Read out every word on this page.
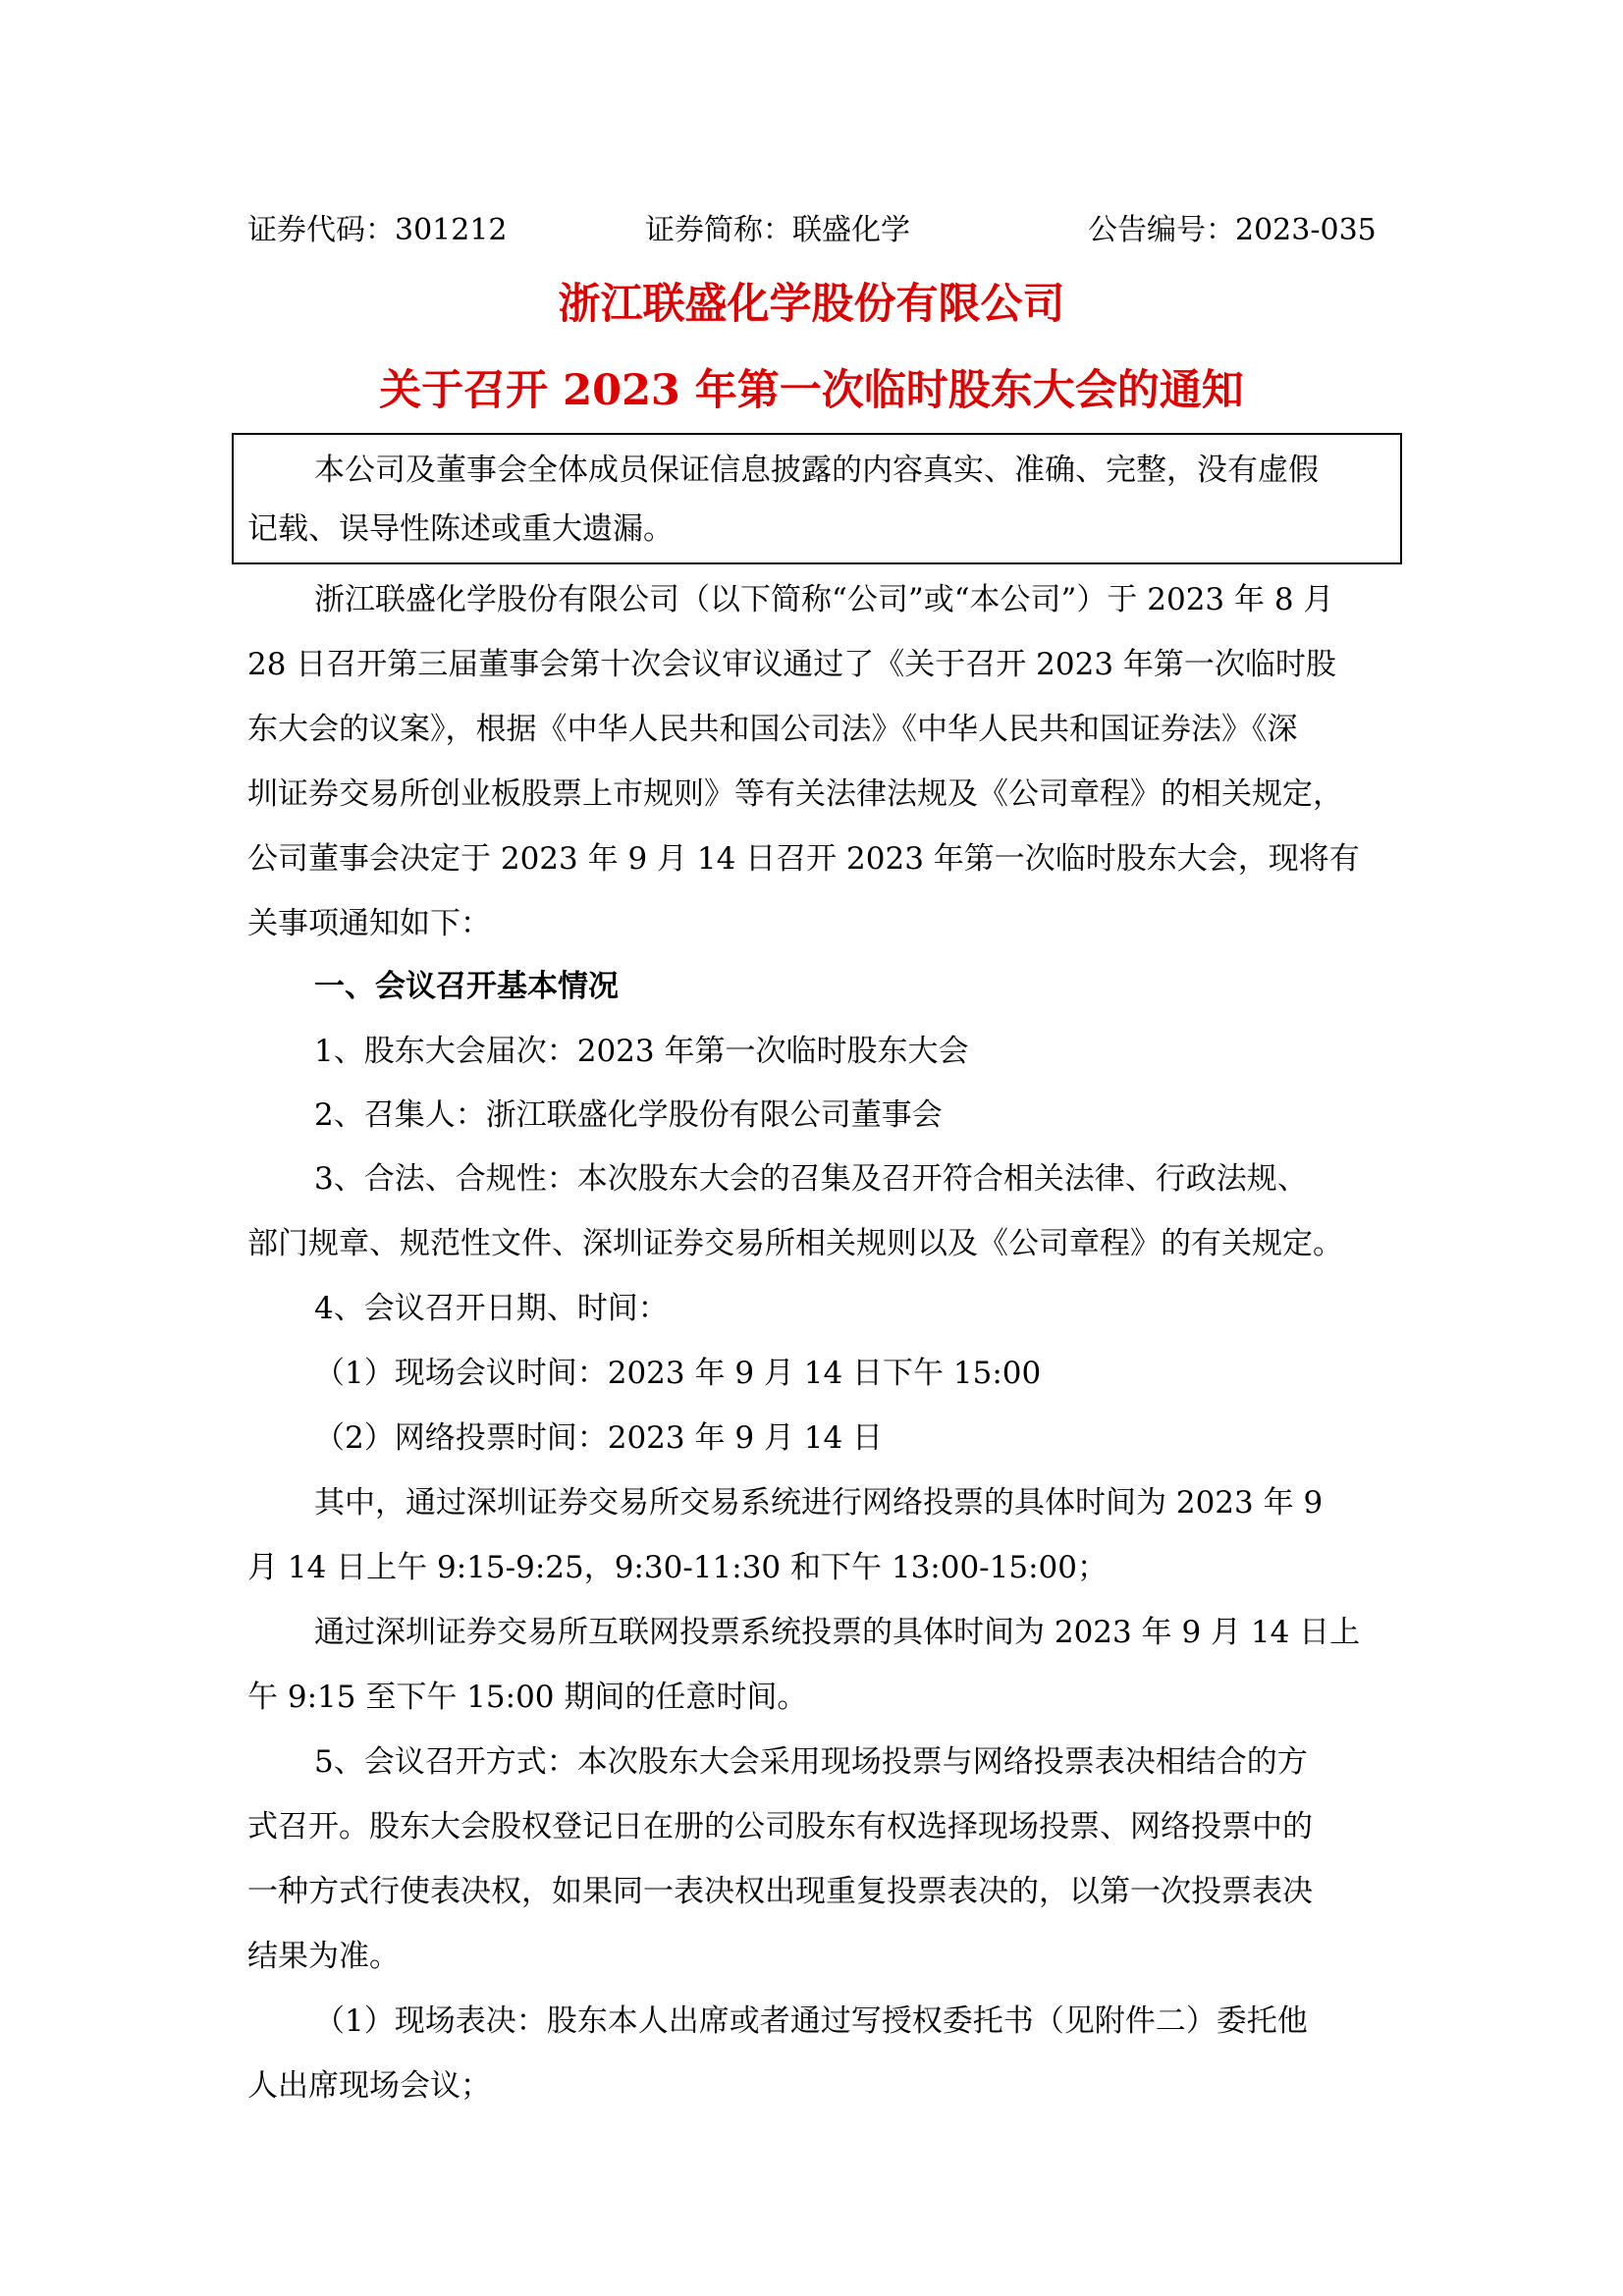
证券代码：301212	证券简称：联盛化学	公告编号：2023-035
浙江联盛化学股份有限公司
关于召开 2023 年第一次临时股东大会的通知
本公司及董事会全体成员保证信息披露的内容真实、准确、完整，没有虚假
记载、误导性陈述或重大遗漏。
浙江联盛化学股份有限公司（以下简称“公司”或“本公司”）于 2023 年 8 月
28 日召开第三届董事会第十次会议审议通过了《关于召开 2023 年第一次临时股
东大会的议案》，根据《中华人民共和国公司法》《中华人民共和国证券法》《深
圳证券交易所创业板股票上市规则》等有关法律法规及《公司章程》的相关规定，
公司董事会决定于 2023 年 9 月 14 日召开 2023 年第一次临时股东大会，现将有
关事项通知如下：
一、会议召开基本情况
1、股东大会届次：2023 年第一次临时股东大会
2、召集人：浙江联盛化学股份有限公司董事会
3、合法、合规性：本次股东大会的召集及召开符合相关法律、行政法规、
部门规章、规范性文件、深圳证券交易所相关规则以及《公司章程》的有关规定。
4、会议召开日期、时间：
（1）现场会议时间：2023 年 9 月 14 日下午 15:00
（2）网络投票时间：2023 年 9 月 14 日
其中，通过深圳证券交易所交易系统进行网络投票的具体时间为 2023 年 9
月 14 日上午 9:15-9:25，9:30-11:30 和下午 13:00-15:00；
通过深圳证券交易所互联网投票系统投票的具体时间为 2023 年 9 月 14 日上
午 9:15 至下午 15:00 期间的任意时间。
5、会议召开方式：本次股东大会采用现场投票与网络投票表决相结合的方
式召开。股东大会股权登记日在册的公司股东有权选择现场投票、网络投票中的
一种方式行使表决权，如果同一表决权出现重复投票表决的，以第一次投票表决
结果为准。
（1）现场表决：股东本人出席或者通过写授权委托书（见附件二）委托他
人出席现场会议；
